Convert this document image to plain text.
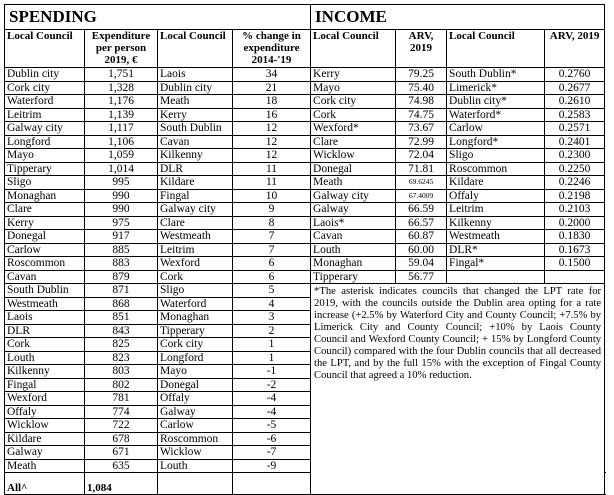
SPENDING				INCOME				
Local Council	Expenditure per person 2019, €	Local Council	% change in expenditure 2014-'19	Local Council	ARV, 2019	Local Council	ARV, 2019	
Dublin city	1,751	Laois	34	Kerry	79.25	South Dublin*	0.2760	
Cork city	1,328	Dublin city	21	Mayo	75.40	Limerick*	0.2677	
Waterford	1,176	Meath	18	Cork city	74.98	Dublin city*	0.2610	
Leitrim	1,139	Kerry	16	Cork	74.75	Waterford*	0.2583	
Galway city	1,117	South Dublin	12	Wexford*	73.67	Carlow	0.2571	
Longford	1,106	Cavan	12	Clare	72.99	Longford*	0.2401	
Mayo	1,059	Kilkenny	12	Wicklow	72.04	Sligo	0.2300	
Tipperary	1,014	DLR	11	Donegal	71.81	Roscommon	0.2250	
Sligo	995	Kildare	11	Meath	69.6245	Kildare	0.2246	
Monaghan	990	Fingal	10	Galway city	67.4009	Offaly	0.2198	
Clare	990	Galway city	9	Galway	66.59	Leitrim	0.2103	
Kerry	975	Clare	8	Laois*	66.57	Kilkenny	0.2000	
Donegal	917	Westmeath	7	Cavan	60.87	Westmeath	0.1830	
Carlow	885	Leitrim	7	Louth	60.00	DLR*	0.1673	
Roscommon	883	Wexford	6	Monaghan	59.04	Fingal*	0.1500	
Cavan	879	Cork	6	Tipperary	56.77			
South Dublin	871	Sligo	5	*The asterisk indicates councils that changed the LPT rate for 2019, with the councils outside the Dublin area opting for a rate increase (+2.5% by Waterford City and County Council; +7.5% by Limerick City and County Council; +10% by Laois County Council and Wexford County Council; + 15% by Longford County Council) compared with the four Dublin councils that all decreased the LPT, and by the full 15% with the exception of Fingal County Council that agreed a 10% reduction.				
Westmeath	868	Waterford	4					
Laois	851	Monaghan	3					
DLR	843	Tipperary	2					
Cork	825	Cork city	1					
Louth	823	Longford	1					
Kilkenny	803	Mayo	-1					
Fingal	802	Donegal	-2					
Wexford	781	Offaly	-4					
Offaly	774	Galway	-4					
Wicklow	722	Carlow	-5					
Kildare	678	Roscommon	-6					
Galway	671	Wicklow	-7					
Meath	635	Louth	-9					
All^	1,084							
